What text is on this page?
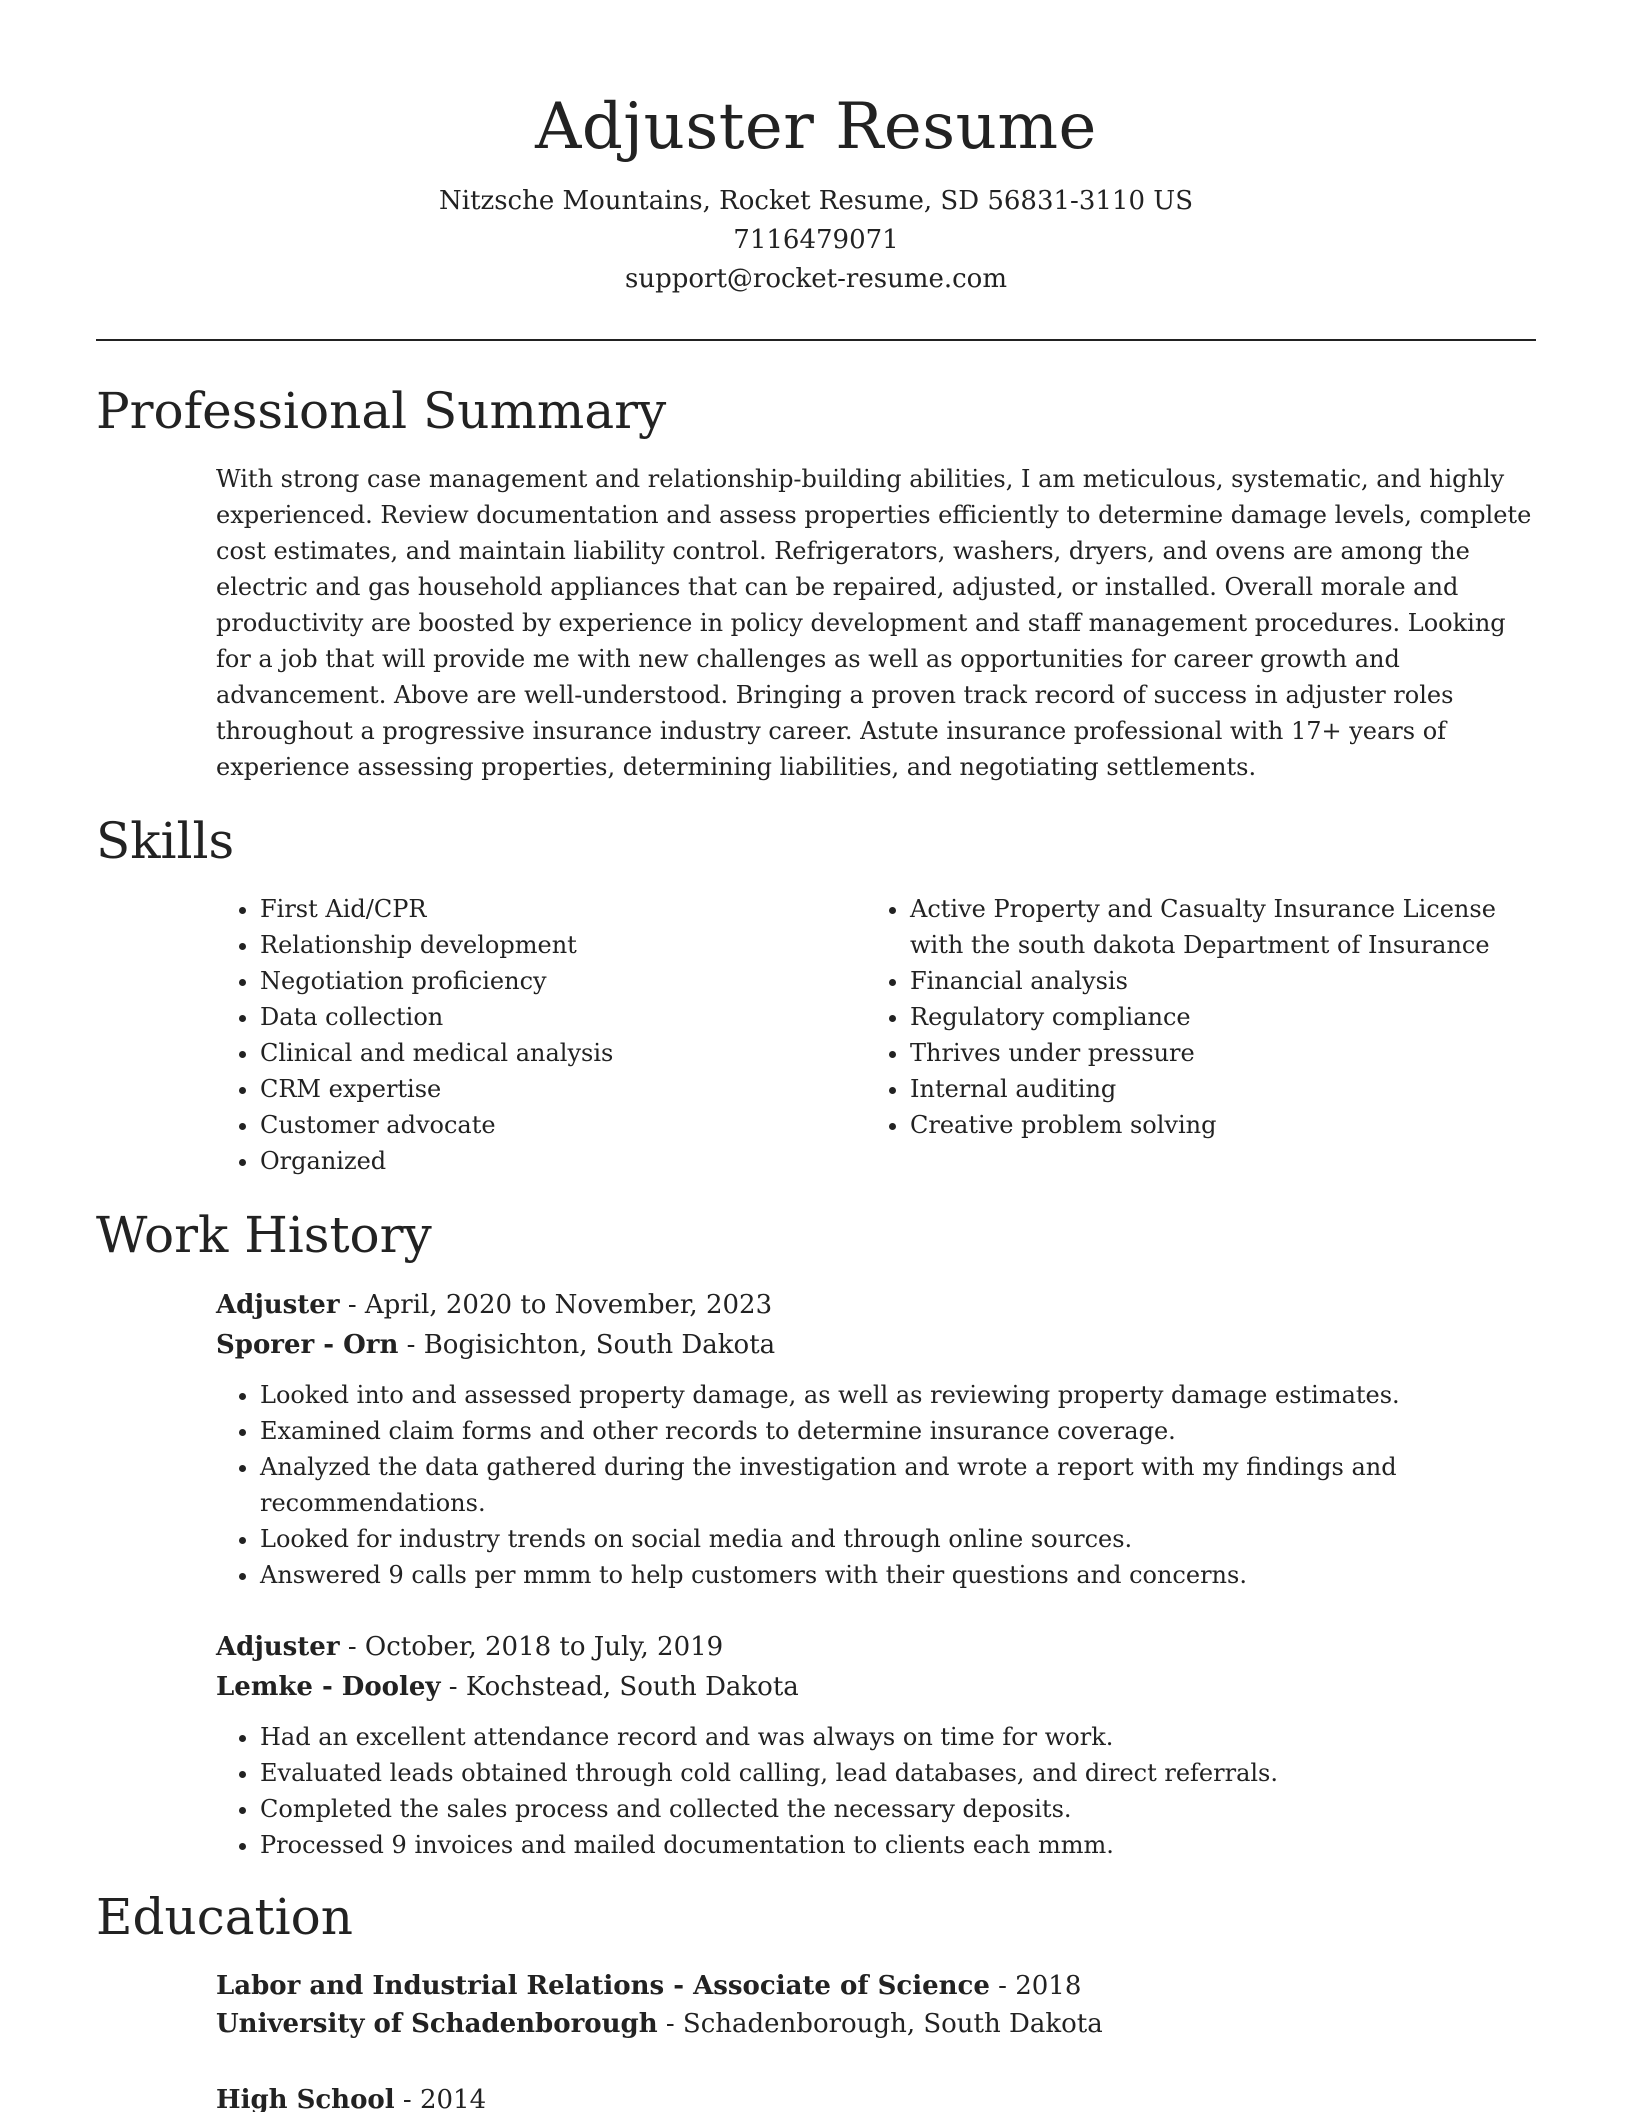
Adjuster Resume
Nitzsche Mountains, Rocket Resume, SD 56831-3110 US
7116479071
support@rocket-resume.com
Professional Summary

With strong case management and relationship-building abilities, I am meticulous, systematic, and highly experienced. Review documentation and assess properties efficiently to determine damage levels, complete cost estimates, and maintain liability control. Refrigerators, washers, dryers, and ovens are among the electric and gas household appliances that can be repaired, adjusted, or installed. Overall morale and productivity are boosted by experience in policy development and staff management procedures. Looking for a job that will provide me with new challenges as well as opportunities for career growth and advancement. Above are well-understood. Bringing a proven track record of success in adjuster roles throughout a progressive insurance industry career. Astute insurance professional with 17+ years of experience assessing properties, determining liabilities, and negotiating settlements.

Skills
• First Aid/CPR
• Relationship development
• Negotiation proficiency
• Data collection
• Clinical and medical analysis
• CRM expertise
• Customer advocate
• Organized
• Active Property and Casualty Insurance License with the south dakota Department of Insurance
• Financial analysis
• Regulatory compliance
• Thrives under pressure
• Internal auditing
• Creative problem solving
Work History
Adjuster - April, 2020 to November, 2023
Sporer - Orn - Bogisichton, South Dakota
• Looked into and assessed property damage, as well as reviewing property damage estimates.
• Examined claim forms and other records to determine insurance coverage.
• Analyzed the data gathered during the investigation and wrote a report with my findings and recommendations.
• Looked for industry trends on social media and through online sources.
• Answered 9 calls per mmm to help customers with their questions and concerns.
Adjuster - October, 2018 to July, 2019
Lemke - Dooley - Kochstead, South Dakota
• Had an excellent attendance record and was always on time for work.
• Evaluated leads obtained through cold calling, lead databases, and direct referrals.
• Completed the sales process and collected the necessary deposits.
• Processed 9 invoices and mailed documentation to clients each mmm.
Education
Labor and Industrial Relations - Associate of Science - 2018
University of Schadenborough - Schadenborough, South Dakota
High School - 2014
